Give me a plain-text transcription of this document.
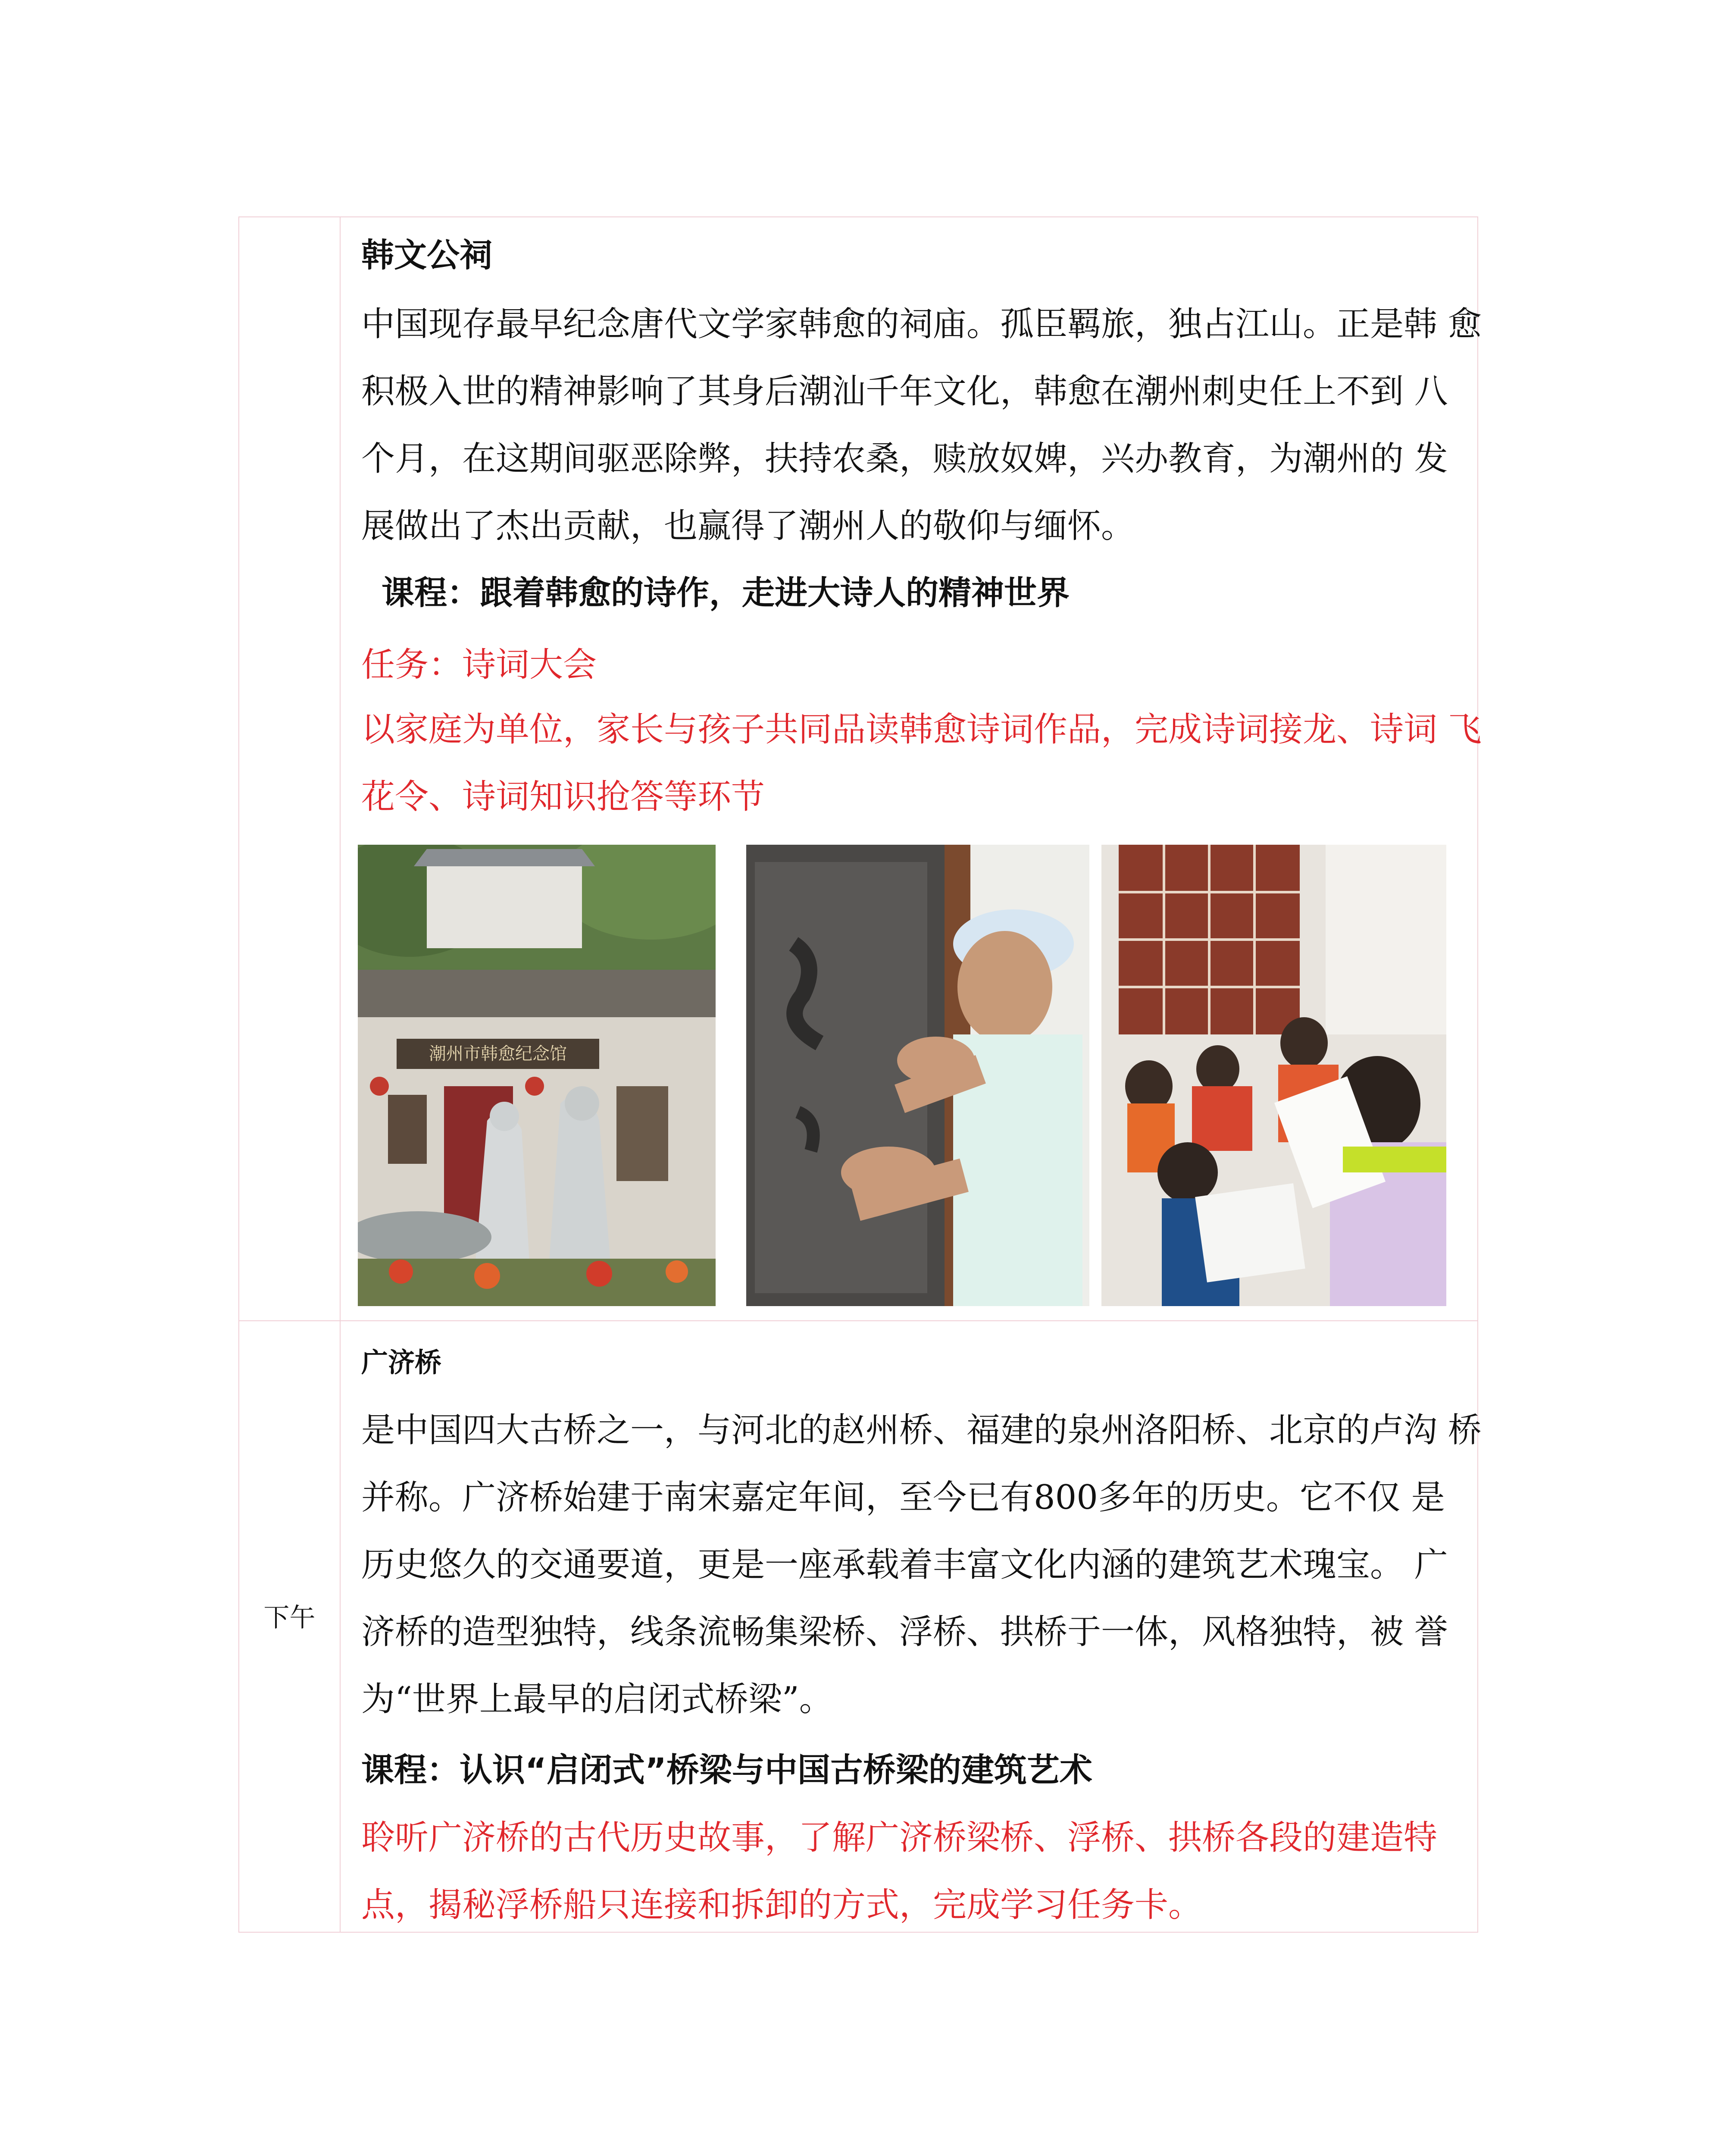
韩文公祠
中国现存最早纪念唐代文学家韩愈的祠庙。孤臣羁旅，独占江山。正是韩 愈
积极入世的精神影响了其身后潮汕千年文化，韩愈在潮州刺史任上不到 八
个月，在这期间驱恶除弊，扶持农桑，赎放奴婢，兴办教育，为潮州的 发
展做出了杰出贡献，也赢得了潮州人的敬仰与缅怀。
课程：跟着韩愈的诗作，走进大诗人的精神世界
任务：诗词大会
以家庭为单位，家长与孩子共同品读韩愈诗词作品，完成诗词接龙、诗词 飞
花令、诗词知识抢答等环节
潮州市韩愈纪念馆
下午
广济桥
是中国四大古桥之一，与河北的赵州桥、福建的泉州洛阳桥、北京的卢沟 桥
并称。广济桥始建于南宋嘉定年间，至今已有800多年的历史。它不仅 是
历史悠久的交通要道，更是一座承载着丰富文化内涵的建筑艺术瑰宝。 广
济桥的造型独特，线条流畅集梁桥、浮桥、拱桥于一体，风格独特，被 誉
为“世界上最早的启闭式桥梁”。
课程：认识“启闭式”桥梁与中国古桥梁的建筑艺术
聆听广济桥的古代历史故事，了解广济桥梁桥、浮桥、拱桥各段的建造特
点，揭秘浮桥船只连接和拆卸的方式，完成学习任务卡。
